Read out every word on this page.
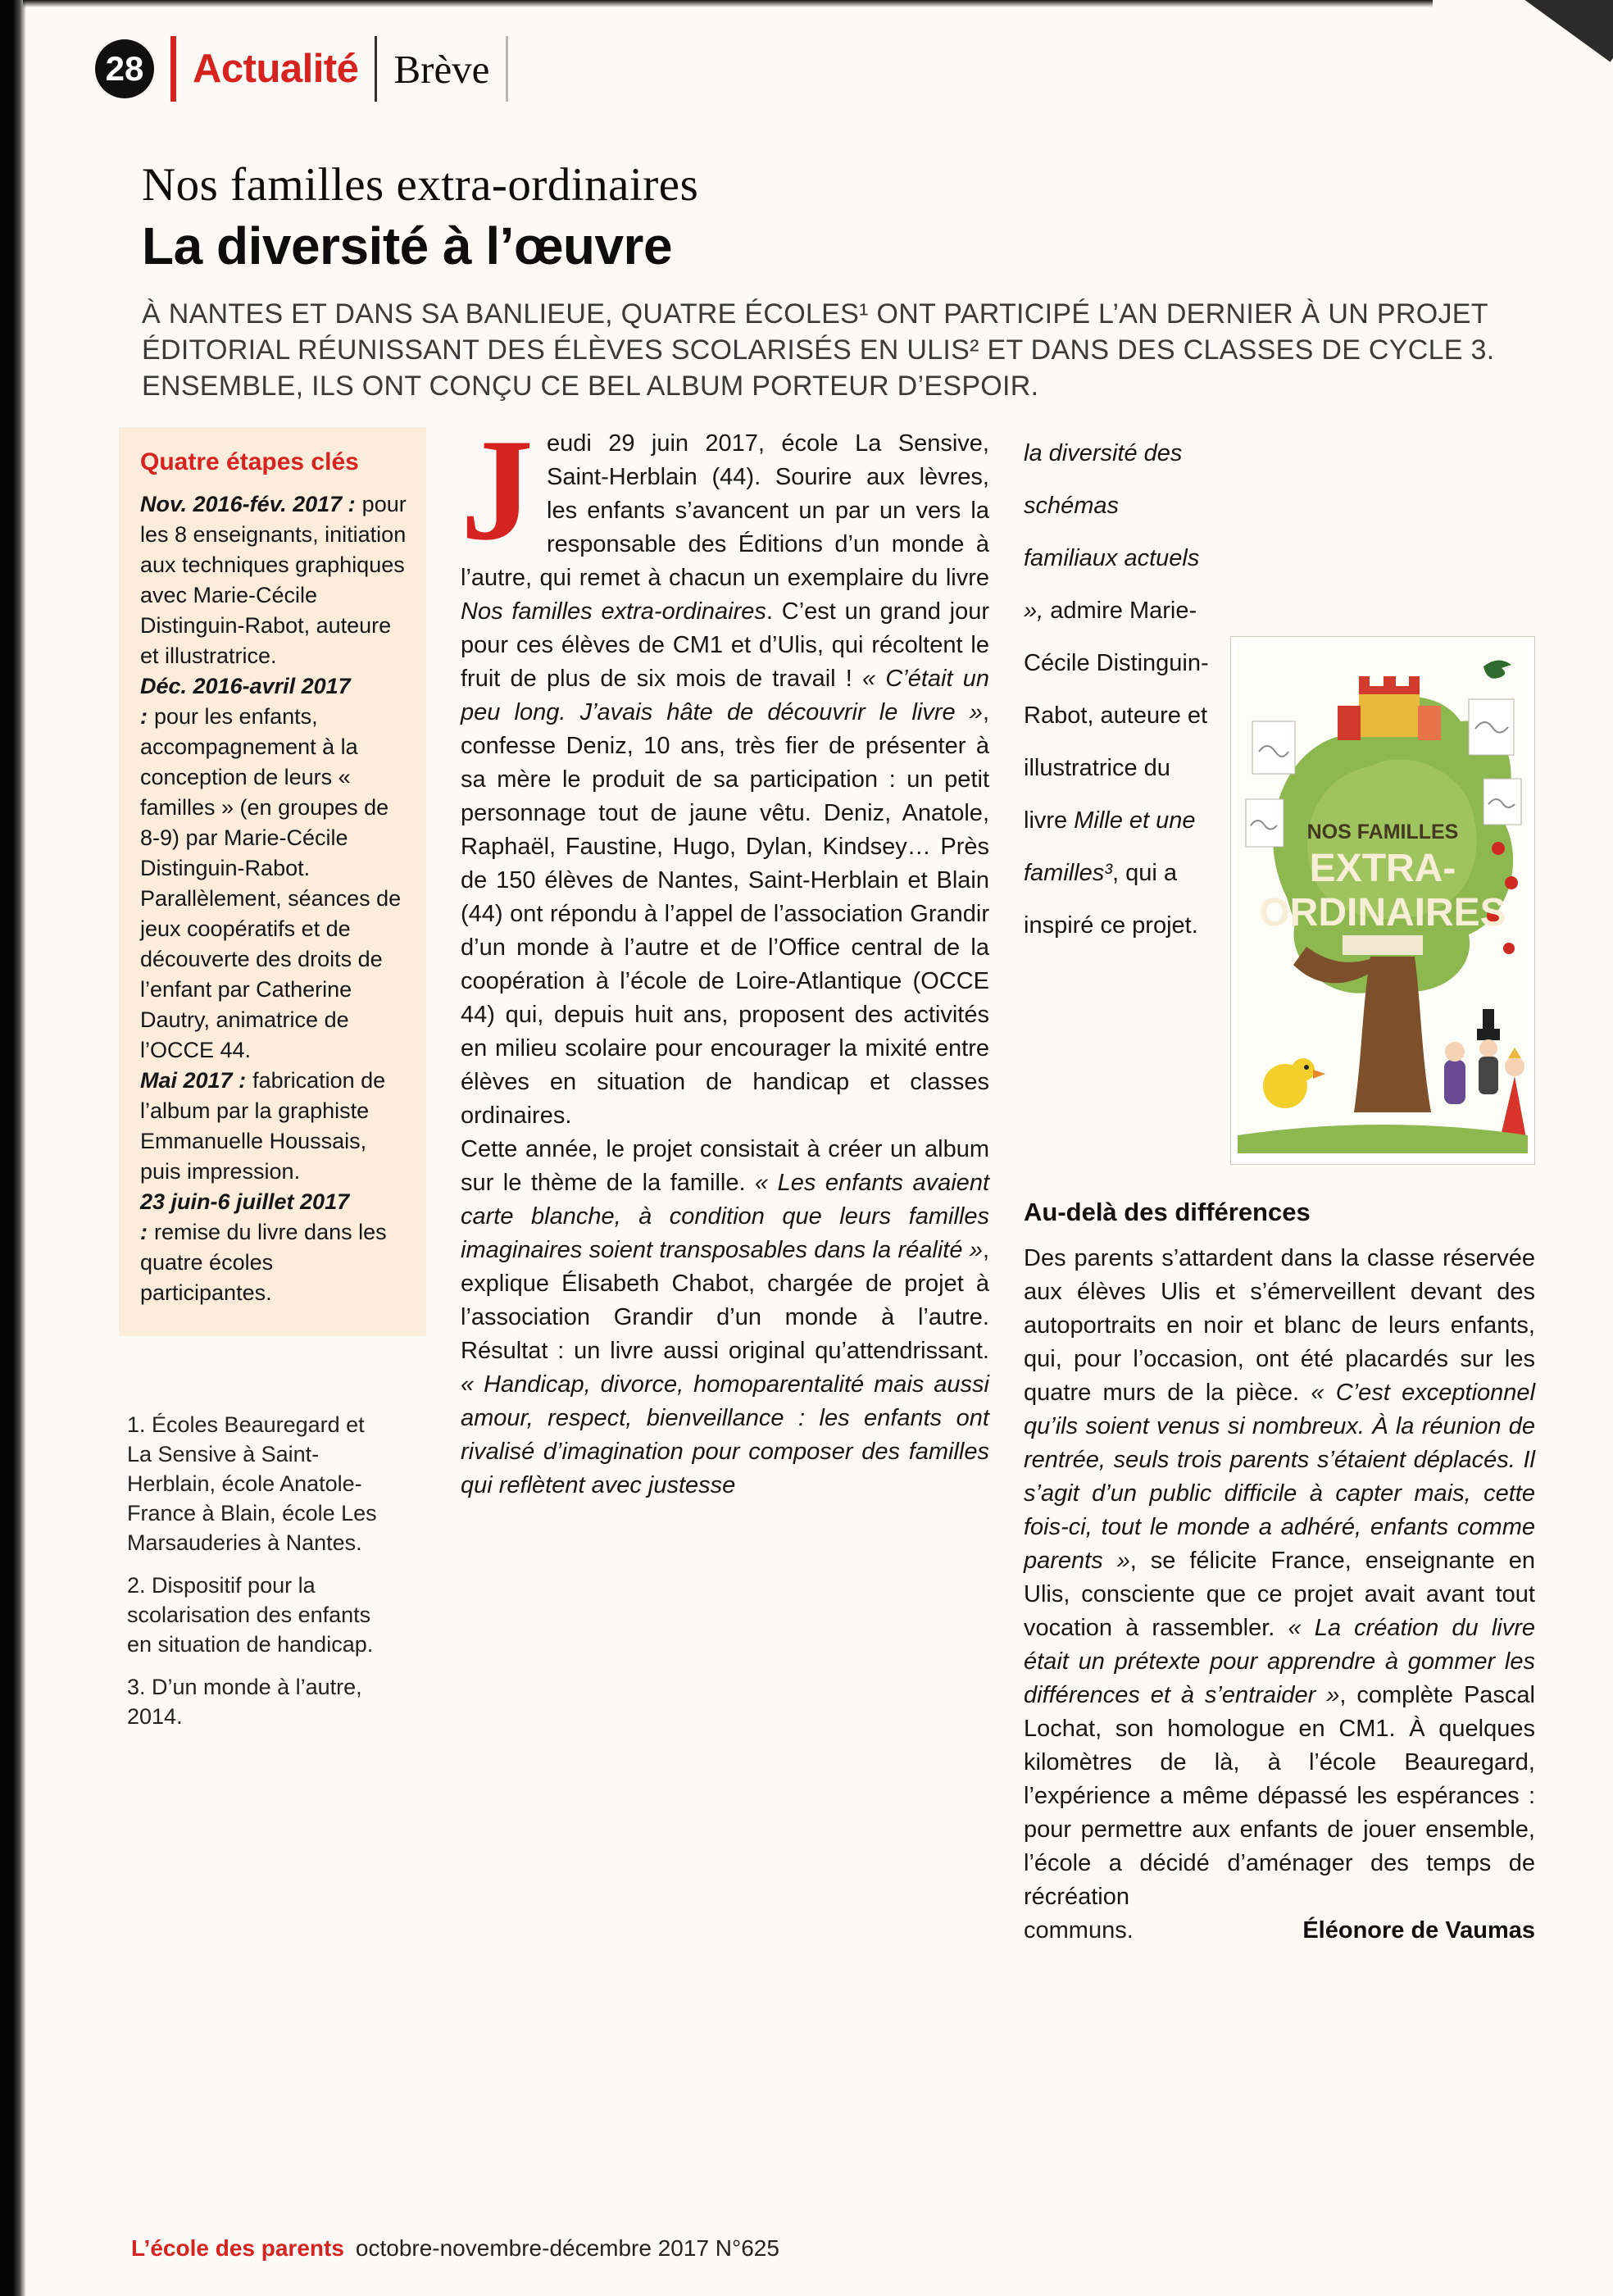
28 Actualité Brève
Nos familles extra-ordinaires
La diversité à l’œuvre

À NANTES ET DANS SA BANLIEUE, QUATRE ÉCOLES¹ ONT PARTICIPÉ L’AN DERNIER À UN PROJET ÉDITORIAL RÉUNISSANT DES ÉLÈVES SCOLARISÉS EN ULIS² ET DANS DES CLASSES DE CYCLE 3. ENSEMBLE, ILS ONT CONÇU CE BEL ALBUM PORTEUR D’ESPOIR.

Quatre étapes clés

Nov. 2016-fév. 2017 : pour les 8 enseignants, initiation aux techniques graphiques avec Marie-Cécile Distinguin-Rabot, auteure et illustratrice.

Déc. 2016-avril 2017 : pour les enfants, accompagnement à la conception de leurs « familles » (en groupes de 8-9) par Marie-Cécile Distinguin-Rabot. Parallèlement, séances de jeux coopératifs et de découverte des droits de l’enfant par Catherine Dautry, animatrice de l’OCCE 44.

Mai 2017 : fabrication de l’album par la graphiste Emmanuelle Houssais, puis impression.

23 juin-6 juillet 2017 : remise du livre dans les quatre écoles participantes.

1. Écoles Beauregard et La Sensive à Saint-Herblain, école Anatole-France à Blain, école Les Marsauderies à Nantes.

2. Dispositif pour la scolarisation des enfants en situation de handicap.

3. D’un monde à l’autre, 2014.

Jeudi 29 juin 2017, école La Sensive, Saint-Herblain (44). Sourire aux lèvres, les enfants s’avancent un par un vers la responsable des Éditions d’un monde à l’autre, qui remet à chacun un exemplaire du livre Nos familles extra-ordinaires. C’est un grand jour pour ces élèves de CM1 et d’Ulis, qui récoltent le fruit de plus de six mois de travail ! « C’était un peu long. J’avais hâte de découvrir le livre », confesse Deniz, 10 ans, très fier de présenter à sa mère le produit de sa participation : un petit personnage tout de jaune vêtu. Deniz, Anatole, Raphaël, Faustine, Hugo, Dylan, Kindsey… Près de 150 élèves de Nantes, Saint-Herblain et Blain (44) ont répondu à l’appel de l’association Grandir d’un monde à l’autre et de l’Office central de la coopération à l’école de Loire-Atlantique (OCCE 44) qui, depuis huit ans, proposent des activités en milieu scolaire pour encourager la mixité entre élèves en situation de handicap et classes ordinaires.

Cette année, le projet consistait à créer un album sur le thème de la famille. « Les enfants avaient carte blanche, à condition que leurs familles imaginaires soient transposables dans la réalité », explique Élisabeth Chabot, chargée de projet à l’association Grandir d’un monde à l’autre. Résultat : un livre aussi original qu’attendrissant. « Handicap, divorce, homoparentalité mais aussi amour, respect, bienveillance : les enfants ont rivalisé d’imagination pour composer des familles qui reflètent avec justesse

la diversité des schémas familiaux actuels », admire Marie-Cécile Distinguin-Rabot, auteure et illustratrice du livre Mille et une familles³, qui a inspiré ce projet.

NOS FAMILLES
EXTRA-
ORDINAIRES
Au-delà des différences

Des parents s’attardent dans la classe réservée aux élèves Ulis et s’émerveillent devant des autoportraits en noir et blanc de leurs enfants, qui, pour l’occasion, ont été placardés sur les quatre murs de la pièce. « C’est exceptionnel qu’ils soient venus si nombreux. À la réunion de rentrée, seuls trois parents s’étaient déplacés. Il s’agit d’un public difficile à capter mais, cette fois-ci, tout le monde a adhéré, enfants comme parents », se félicite France, enseignante en Ulis, consciente que ce projet avait avant tout vocation à rassembler. « La création du livre était un prétexte pour apprendre à gommer les différences et à s’entraider », complète Pascal Lochat, son homologue en CM1. À quelques kilomètres de là, à l’école Beauregard, l’expérience a même dépassé les espérances : pour permettre aux enfants de jouer ensemble, l’école a décidé d’aménager des temps de récréation

communs.	Éléonore de Vaumas
L’école des parents octobre-novembre-décembre 2017 N°625
